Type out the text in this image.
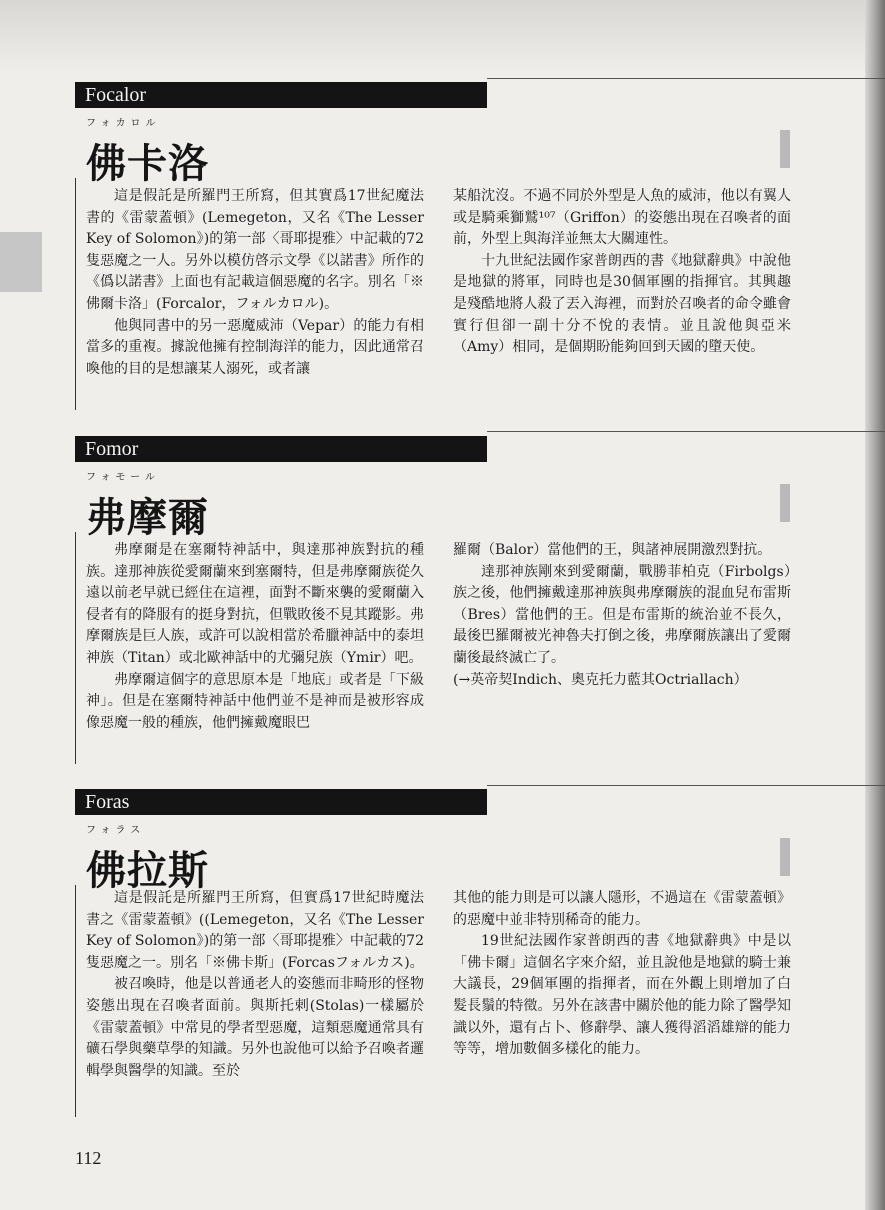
Focalor
フォカロル
佛卡洛

這是假託是所羅門王所寫，但其實爲17世紀魔法書的《雷蒙蓋頓》(Lemegeton，又名《The Lesser Key of Solomon》)的第一部〈哥耶提雅〉中記載的72隻惡魔之一人。另外以模仿啓示文學《以諾書》所作的《僞以諾書》上面也有記載這個惡魔的名字。別名「※佛爾卡洛」(Forcalor，フォルカロル)。

他與同書中的另一惡魔威沛（Vepar）的能力有相當多的重複。據說他擁有控制海洋的能力，因此通常召喚他的目的是想讓某人溺死，或者讓

某船沈沒。不過不同於外型是人魚的威沛，他以有翼人或是騎乘獅鷲¹⁰⁷（Griffon）的姿態出現在召喚者的面前，外型上與海洋並無太大關連性。

十九世紀法國作家普朗西的書《地獄辭典》中說他是地獄的將軍，同時也是30個軍團的指揮官。其興趣是殘酷地將人殺了丟入海裡，而對於召喚者的命令雖會實行但卻一副十分不悅的表情。並且說他與亞米（Amy）相同，是個期盼能夠回到天國的墮天使。

Fomor
フォモール
弗摩爾

弗摩爾是在塞爾特神話中，與達那神族對抗的種族。達那神族從愛爾蘭來到塞爾特，但是弗摩爾族從久遠以前老早就已經住在這裡，面對不斷來襲的愛爾蘭入侵者有的降服有的挺身對抗，但戰敗後不見其蹤影。弗摩爾族是巨人族，或許可以說相當於希臘神話中的泰坦神族（Titan）或北歐神話中的尤彌兒族（Ymir）吧。

弗摩爾這個字的意思原本是「地底」或者是「下級神」。但是在塞爾特神話中他們並不是神而是被形容成像惡魔一般的種族，他們擁戴魔眼巴

羅爾（Balor）當他們的王，與諸神展開激烈對抗。

達那神族剛來到愛爾蘭，戰勝菲柏克（Firbolgs）族之後，他們擁戴達那神族與弗摩爾族的混血兒布雷斯（Bres）當他們的王。但是布雷斯的統治並不長久，最後巴羅爾被光神魯夫打倒之後，弗摩爾族讓出了愛爾蘭後最終滅亡了。

(→英帝契Indich、奧克托力藍其Octriallach）

Foras
フォラス
佛拉斯

這是假託是所羅門王所寫，但實爲17世紀時魔法書之《雷蒙蓋頓》((Lemegeton，又名《The Lesser Key of Solomon》)的第一部〈哥耶提雅〉中記載的72隻惡魔之一。別名「※佛卡斯」(Forcasフォルカス)。

被召喚時，他是以普通老人的姿態而非畸形的怪物姿態出現在召喚者面前。與斯托剌(Stolas)一樣屬於《雷蒙蓋頓》中常見的學者型惡魔，這類惡魔通常具有礦石學與藥草學的知識。另外也說他可以給予召喚者邏輯學與醫學的知識。至於

其他的能力則是可以讓人隱形，不過這在《雷蒙蓋頓》的惡魔中並非特別稀奇的能力。

19世紀法國作家普朗西的書《地獄辭典》中是以「佛卡爾」這個名字來介紹，並且說他是地獄的騎士兼大議長，29個軍團的指揮者，而在外觀上則增加了白髮長鬚的特徵。另外在該書中關於他的能力除了醫學知識以外，還有占卜、修辭學、讓人獲得滔滔雄辯的能力等等，增加數個多樣化的能力。

112
